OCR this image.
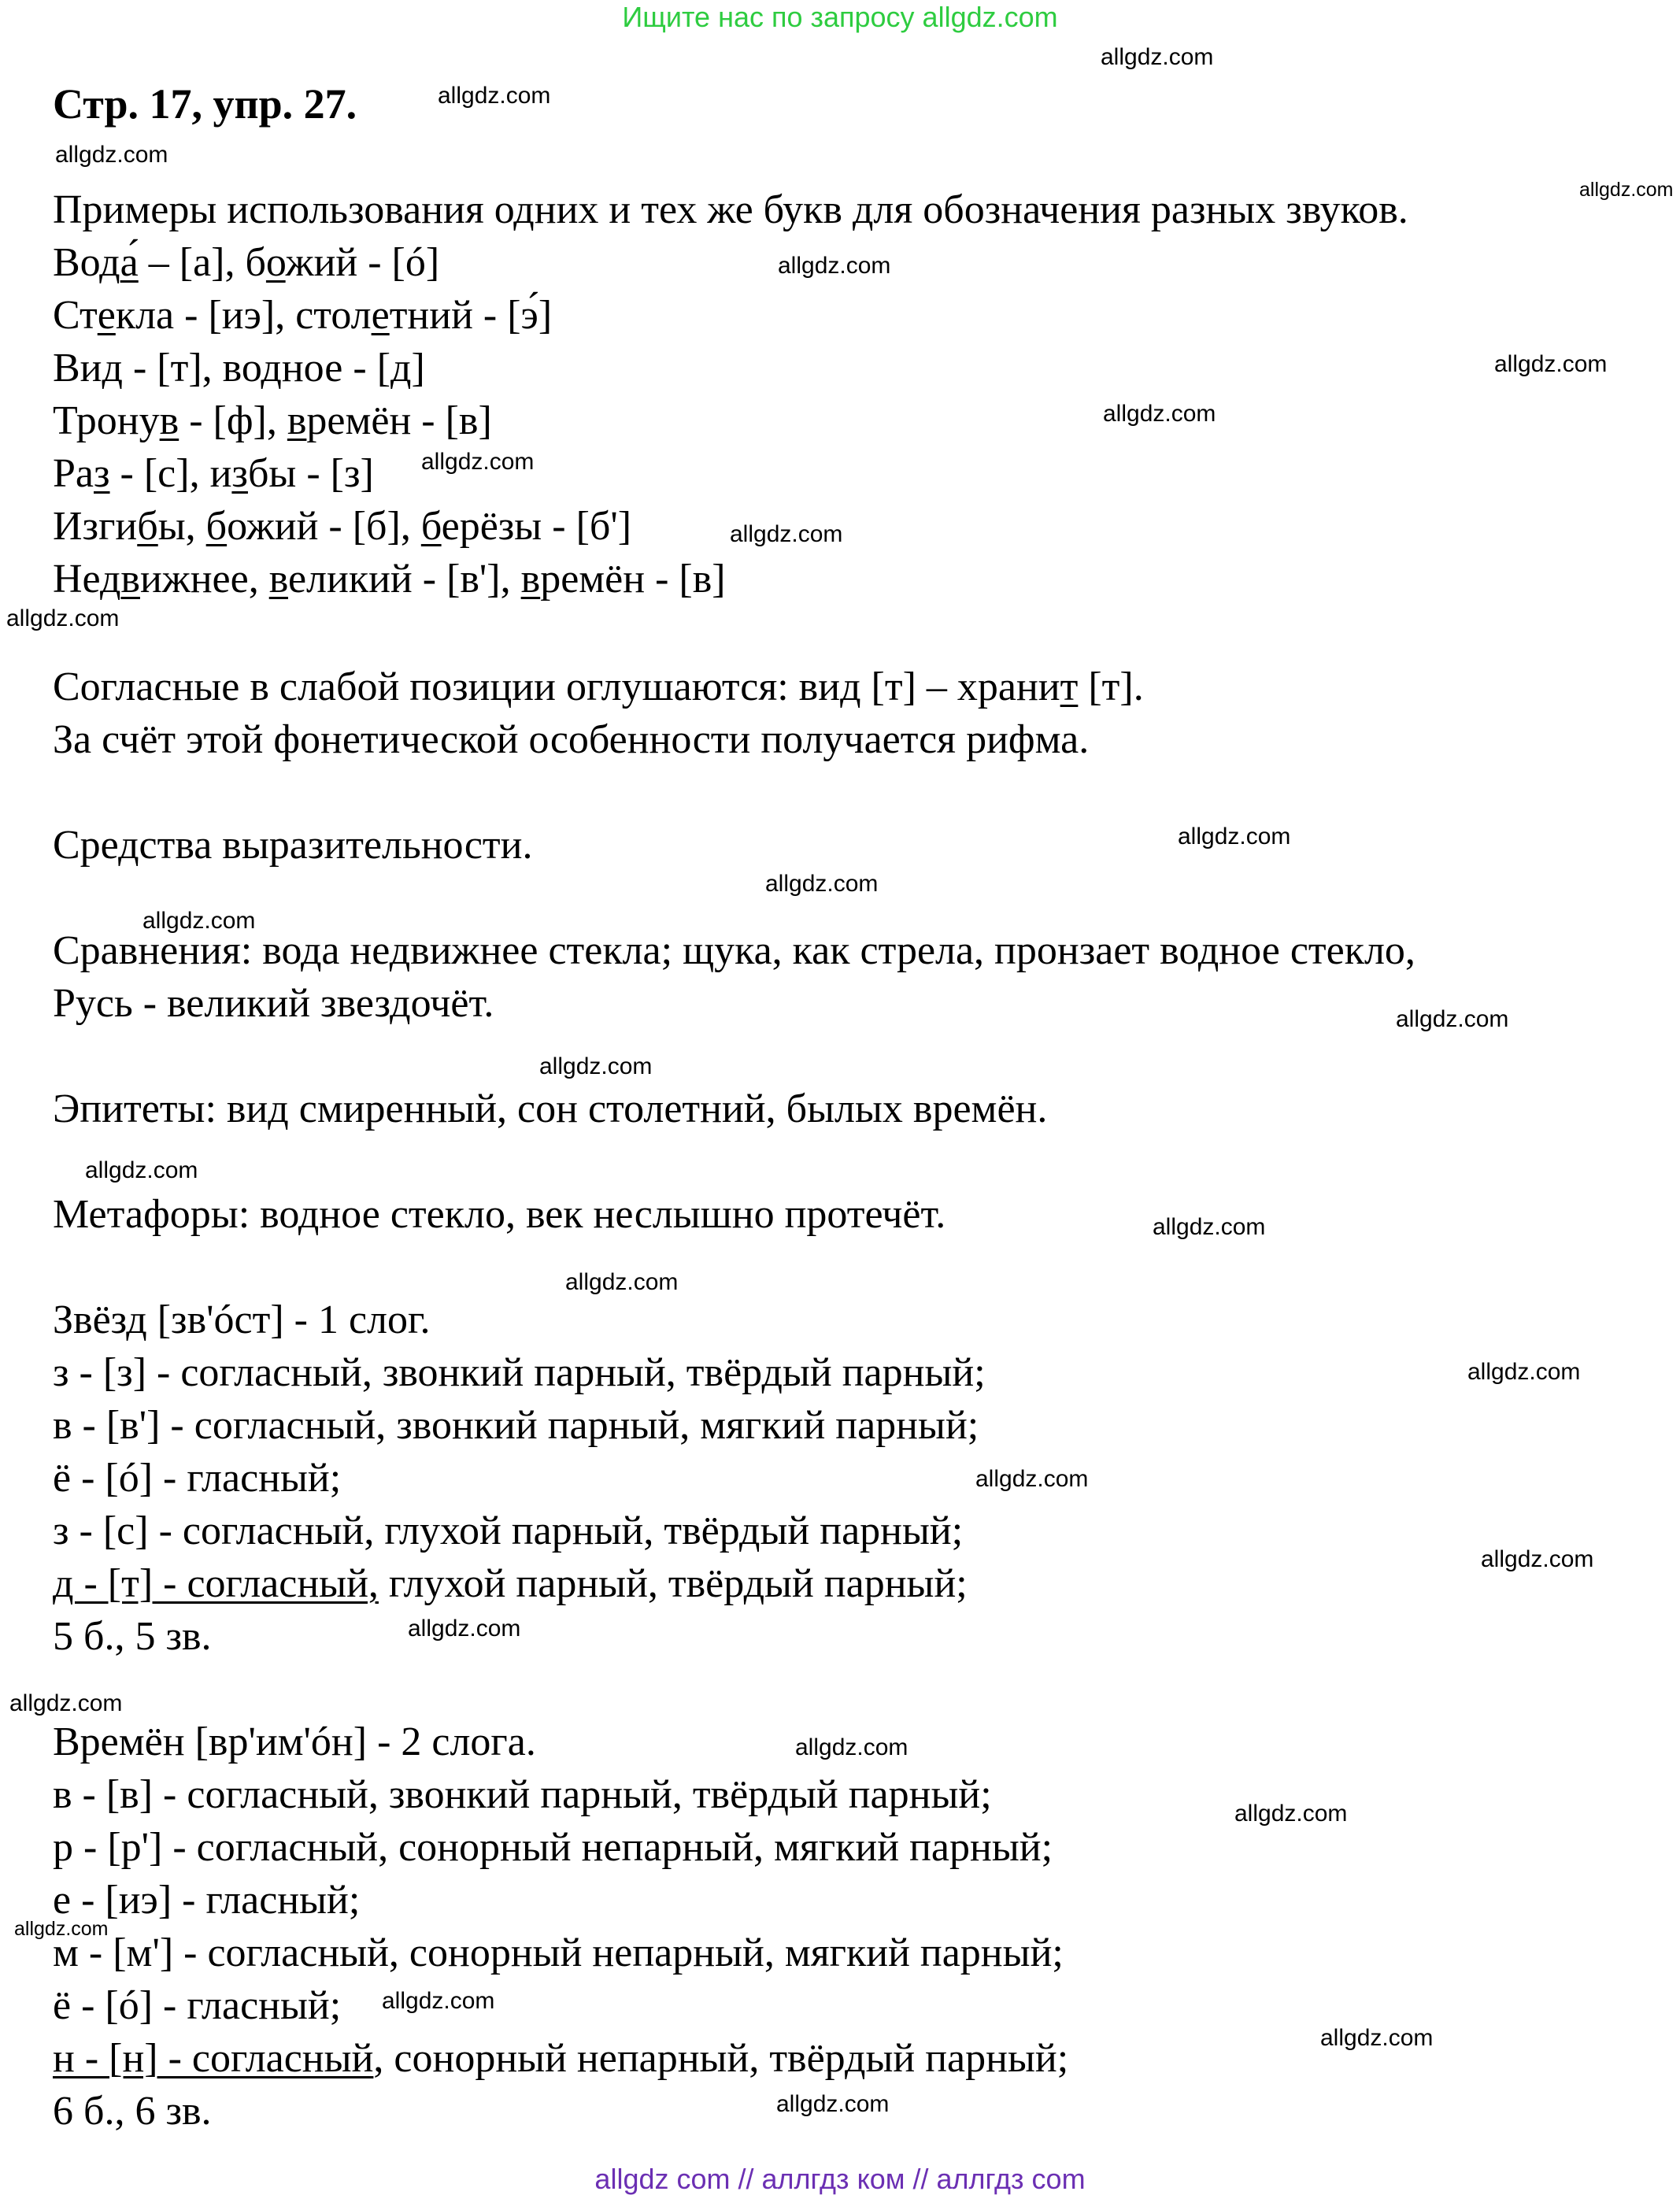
Ищите нас по запросу allgdz.com
Стр. 17, упр. 27.
Примеры использования одних и тех же букв для обозначения разных звуков.
Вода́ – [а], божий - [ó]
Стекла - [иэ], столетний - [э́]
Вид - [т], водное - [д]
Тронув - [ф], времён - [в]
Раз - [с], избы - [з]
Изгибы, божий - [б], берёзы - [б']
Недвижнее, великий - [в'], времён - [в]
Согласные в слабой позиции оглушаются: вид [т] – хранит [т].
За счёт этой фонетической особенности получается рифма.
Средства выразительности.
Сравнения: вода недвижнее стекла; щука, как стрела, пронзает водное стекло,
Русь - великий звездочёт.
Эпитеты: вид смиренный, сон столетний, былых времён.
Метафоры: водное стекло, век неслышно протечёт.
Звёзд [зв'óст] - 1 слог.
з - [з] - согласный, звонкий парный, твёрдый парный;
в - [в'] - согласный, звонкий парный, мягкий парный;
ё - [ó] - гласный;
з - [с] - согласный, глухой парный, твёрдый парный;
д - [т] - согласный, глухой парный, твёрдый парный;
5 б., 5 зв.
Времён [вр'им'óн] - 2 слога.
в - [в] - согласный, звонкий парный, твёрдый парный;
р - [р'] - согласный, сонорный непарный, мягкий парный;
е - [иэ] - гласный;
м - [м'] - согласный, сонорный непарный, мягкий парный;
ё - [ó] - гласный;
н - [н] - согласный, сонорный непарный, твёрдый парный;
6 б., 6 зв.
allgdz.com
allgdz.com
allgdz.com
allgdz.com
allgdz.com
allgdz.com
allgdz.com
allgdz.com
allgdz.com
allgdz.com
allgdz.com
allgdz.com
allgdz.com
allgdz.com
allgdz.com
allgdz.com
allgdz.com
allgdz.com
allgdz.com
allgdz.com
allgdz.com
allgdz.com
allgdz.com
allgdz.com
allgdz.com
allgdz.com
allgdz.com
allgdz.com
allgdz.com
allgdz com // аллгдз ком // аллгдз com
